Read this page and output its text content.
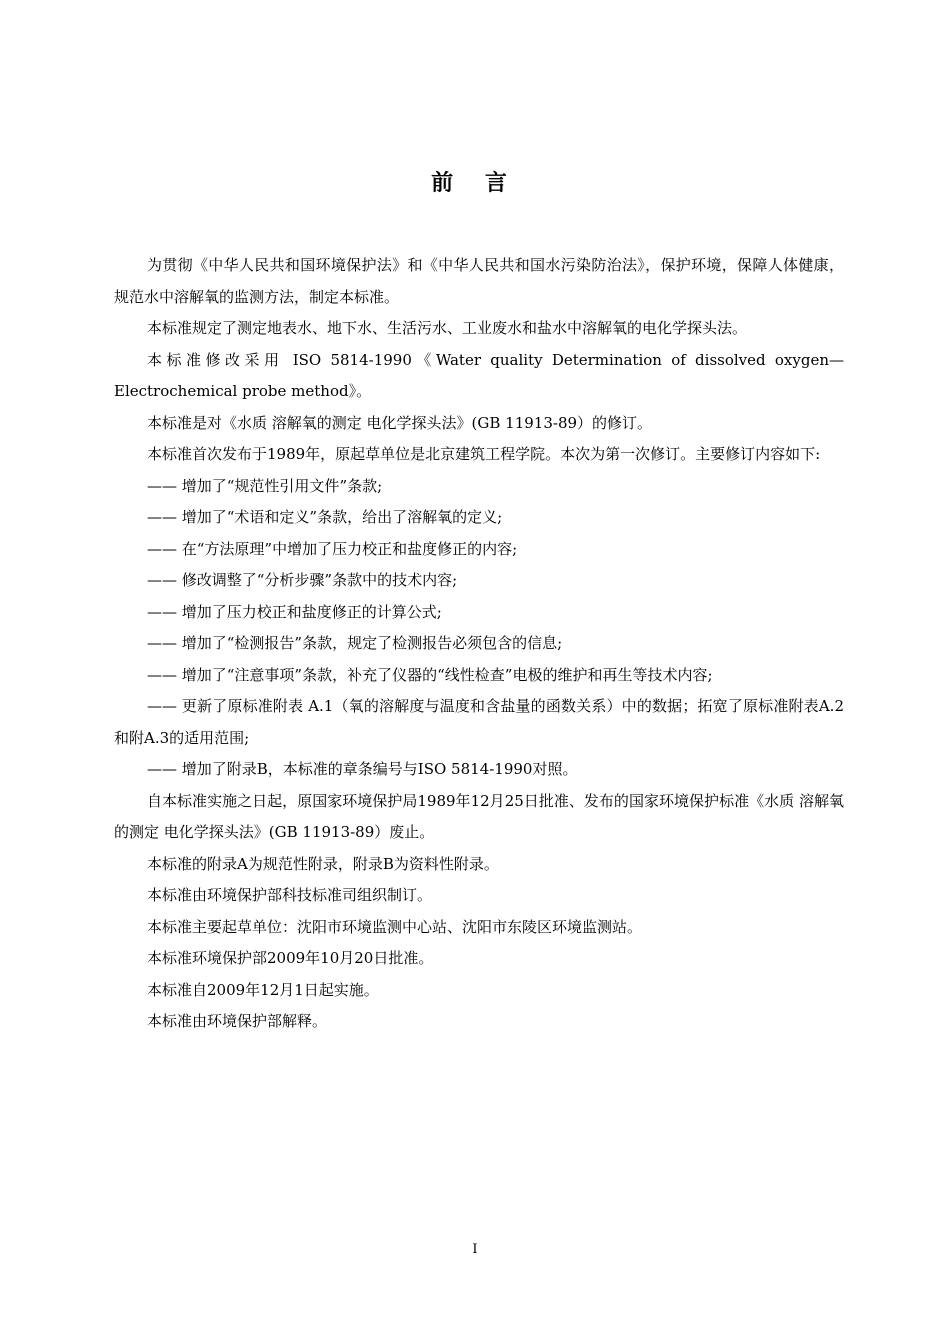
前 言

为贯彻《中华人民共和国环境保护法》和《中华人民共和国水污染防治法》，保护环境，保障人体健康，规范水中溶解氧的监测方法，制定本标准。

本标准规定了测定地表水、地下水、生活污水、工业废水和盐水中溶解氧的电化学探头法。

本标准修改采用 ISO 5814-1990《Water quality Determination of dissolved oxygen—Electrochemical probe method》。

本标准是对《水质 溶解氧的测定 电化学探头法》(GB 11913-89）的修订。

本标准首次发布于1989年，原起草单位是北京建筑工程学院。本次为第一次修订。主要修订内容如下:

—— 增加了“规范性引用文件”条款;

—— 增加了“术语和定义”条款，给出了溶解氧的定义;

—— 在“方法原理”中增加了压力校正和盐度修正的内容;

—— 修改调整了“分析步骤”条款中的技术内容;

—— 增加了压力校正和盐度修正的计算公式;

—— 增加了“检测报告”条款，规定了检测报告必须包含的信息;

—— 增加了“注意事项”条款，补充了仪器的“线性检查”电极的维护和再生等技术内容;

—— 更新了原标准附表 A.1（氧的溶解度与温度和含盐量的函数关系）中的数据；拓宽了原标准附表A.2和附A.3的适用范围;

—— 增加了附录B，本标准的章条编号与ISO 5814-1990对照。

自本标准实施之日起，原国家环境保护局1989年12月25日批准、发布的国家环境保护标准《水质 溶解氧的测定 电化学探头法》(GB 11913-89）废止。

本标准的附录A为规范性附录，附录B为资料性附录。

本标准由环境保护部科技标准司组织制订。

本标准主要起草单位：沈阳市环境监测中心站、沈阳市东陵区环境监测站。

本标准环境保护部2009年10月20日批准。

本标准自2009年12月1日起实施。

本标准由环境保护部解释。

I
